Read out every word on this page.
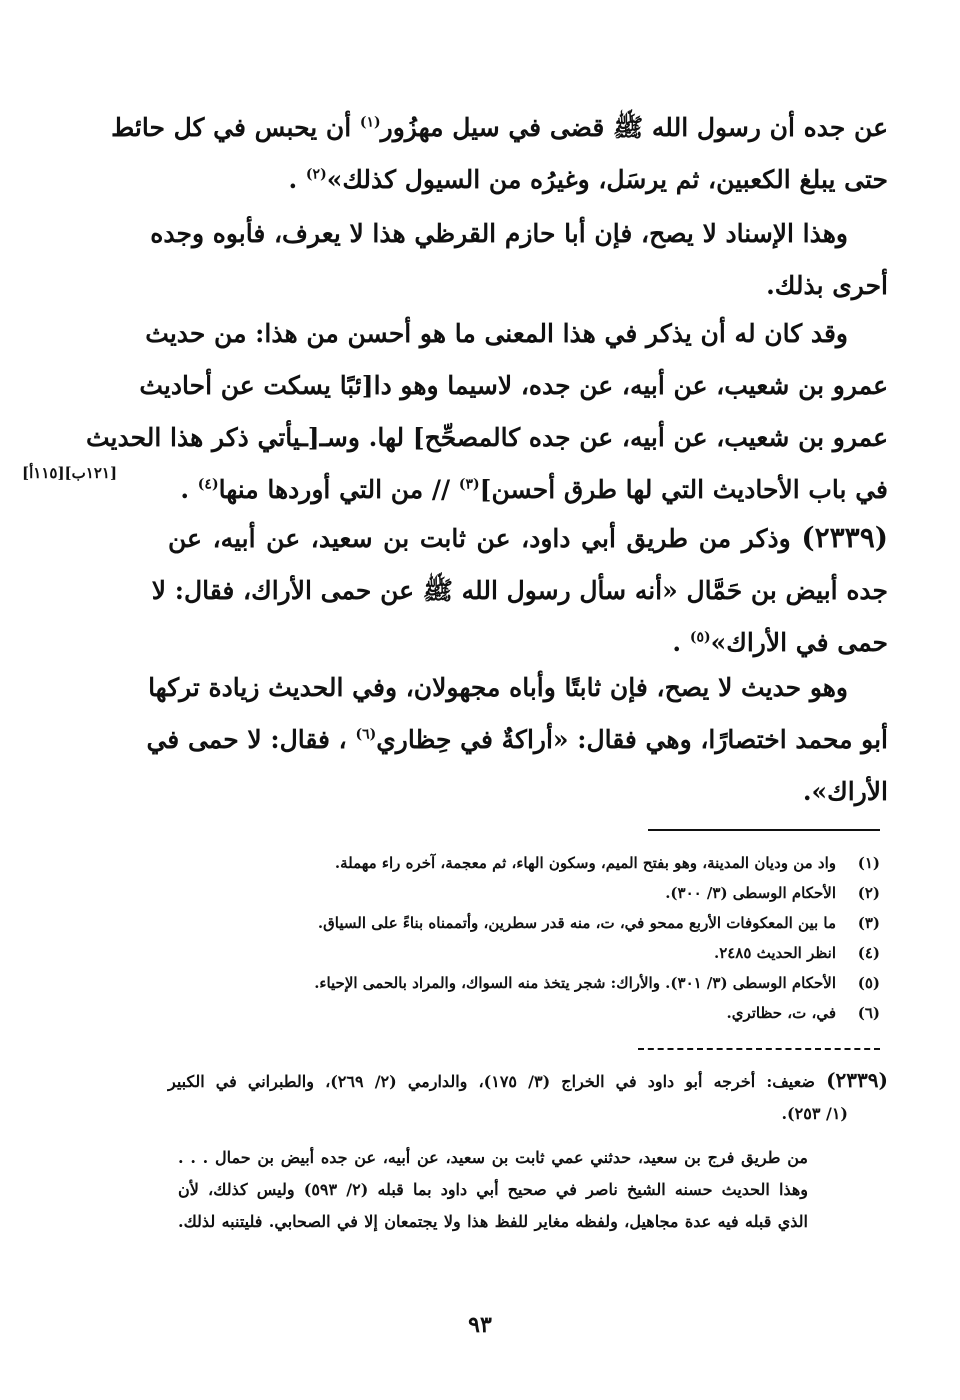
عن جده أن رسول الله ﷺ قضى في سيل مهزُور$^{(١)}$ أن يحبس في كل حائط
حتى يبلغ الكعبين، ثم يرسَل، وغيرُه من السيول كذلك»$^{(٢)}$ .
وهذا الإسناد لا يصح، فإن أبا حازم القرظي هذا لا يعرف، فأبوه وجده
أحرى بذلك.
وقد كان له أن يذكر في هذا المعنى ما هو أحسن من هذا: من حديث
عمرو بن شعيب، عن أبيه، عن جده، لاسيما وهو دا[ئبًا يسكت عن أحاديث
عمرو بن شعيب، عن أبيه، عن جده كالمصحِّح] لها. وسـ[ـيأتي ذكر هذا الحديث
في باب الأحاديث التي لها طرق أحسن]$^{(٣)}$ // من التي أوردها منها$^{(٤)}$ .
[١٢١ب][١١٥أ]
(٢٣٣٩) وذكر من طريق أبي داود، عن ثابت بن سعيد، عن أبيه، عن
جده أبيض بن حَمَّال «أنه سأل رسول الله ﷺ عن حمى الأراك، فقال: لا
حمى في الأراك»$^{(٥)}$ .
وهو حديث لا يصح، فإن ثابتًا وأباه مجهولان، وفي الحديث زيادة تركها
أبو محمد اختصارًا، وهي فقال: «أراكةٌ في حِظاري$^{(٦)}$ ، فقال: لا حمى في
الأراك».
(١)
واد من وديان المدينة، وهو بفتح الميم، وسكون الهاء، ثم معجمة، آخره راء مهملة.
(٢)
الأحكام الوسطى (٣/ ٣٠٠).
(٣)
ما بين المعكوفات الأربع ممحو في، ت، منه قدر سطرين، وأتممناه بناءً على السياق.
(٤)
انظر الحديث ٢٤٨٥.
(٥)
الأحكام الوسطى (٣/ ٣٠١). والأراك: شجر يتخذ منه السواك، والمراد بالحمى الإحياء.
(٦)
في، ت، حظاتري.
(٢٣٣٩) ضعيف: أخرجه أبو داود في الخراج (٣/ ١٧٥)، والدارمي (٢/ ٢٦٩)، والطبراني في الكبير
(١/ ٢٥٣).
من طريق فرج بن سعيد، حدثني عمي ثابت بن سعيد، عن أبيه، عن جده أبيض بن حمال . . .
وهذا الحديث حسنه الشيخ ناصر في صحيح أبي داود بما قبله (٢/ ٥٩٣) وليس كذلك، لأن
الذي قبله فيه عدة مجاهيل، ولفظه مغاير للفظ هذا ولا يجتمعان إلا في الصحابي. فليتنبه لذلك.
٩٣
